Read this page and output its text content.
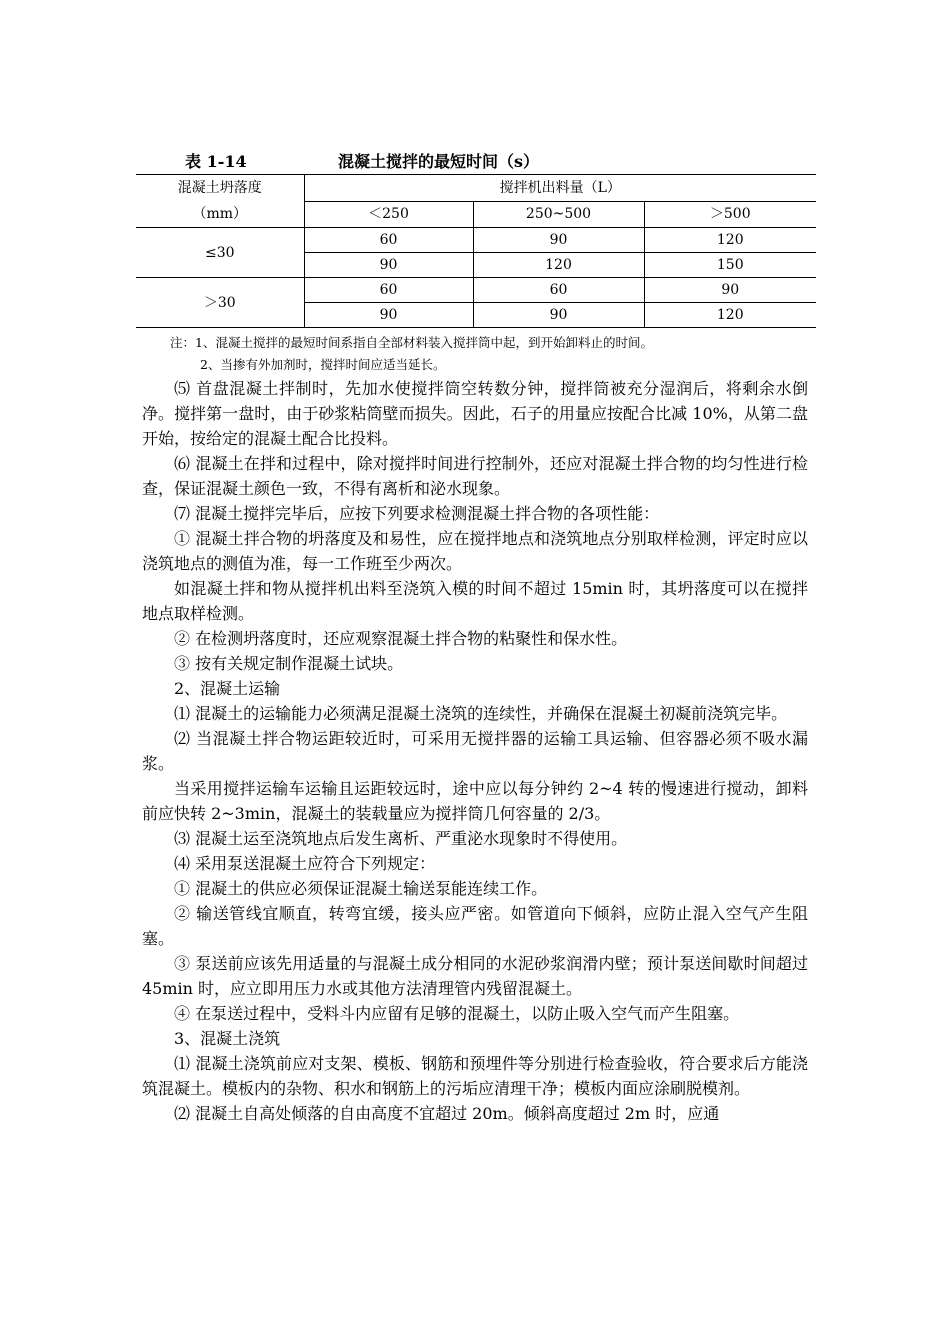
表 1-14	混凝土搅拌的最短时间（s）
混凝土坍落度
（mm）	搅拌机出料量（L）		
	＜250	250~500	＞500
≤30	60	90	120
	90	120	150
＞30	60	60	90
	90	90	120
注：1、混凝土搅拌的最短时间系指自全部材料装入搅拌筒中起，到开始卸料止的时间。
2、当掺有外加剂时，搅拌时间应适当延长。

⑸ 首盘混凝土拌制时，先加水使搅拌筒空转数分钟，搅拌筒被充分湿润后，将剩余水倒净。搅拌第一盘时，由于砂浆粘筒壁而损失。因此，石子的用量应按配合比减 10%，从第二盘开始，按给定的混凝土配合比投料。

⑹ 混凝土在拌和过程中，除对搅拌时间进行控制外，还应对混凝土拌合物的均匀性进行检查，保证混凝土颜色一致，不得有离析和泌水现象。

⑺ 混凝土搅拌完毕后，应按下列要求检测混凝土拌合物的各项性能：

① 混凝土拌合物的坍落度及和易性，应在搅拌地点和浇筑地点分别取样检测，评定时应以浇筑地点的测值为准，每一工作班至少两次。

如混凝土拌和物从搅拌机出料至浇筑入模的时间不超过 15min 时，其坍落度可以在搅拌地点取样检测。

② 在检测坍落度时，还应观察混凝土拌合物的粘聚性和保水性。

③ 按有关规定制作混凝土试块。

2、混凝土运输

⑴ 混凝土的运输能力必须满足混凝土浇筑的连续性，并确保在混凝土初凝前浇筑完毕。

⑵ 当混凝土拌合物运距较近时，可采用无搅拌器的运输工具运输、但容器必须不吸水漏浆。

当采用搅拌运输车运输且运距较远时，途中应以每分钟约 2~4 转的慢速进行搅动，卸料前应快转 2~3min，混凝土的装载量应为搅拌筒几何容量的 2/3。

⑶ 混凝土运至浇筑地点后发生离析、严重泌水现象时不得使用。

⑷ 采用泵送混凝土应符合下列规定：

① 混凝土的供应必须保证混凝土输送泵能连续工作。

② 输送管线宜顺直，转弯宜缓，接头应严密。如管道向下倾斜，应防止混入空气产生阻塞。

③ 泵送前应该先用适量的与混凝土成分相同的水泥砂浆润滑内壁；预计泵送间歇时间超过 45min 时，应立即用压力水或其他方法清理管内残留混凝土。

④ 在泵送过程中，受料斗内应留有足够的混凝土，以防止吸入空气而产生阻塞。

3、混凝土浇筑

⑴ 混凝土浇筑前应对支架、模板、钢筋和预埋件等分别进行检查验收，符合要求后方能浇筑混凝土。模板内的杂物、积水和钢筋上的污垢应清理干净；模板内面应涂刷脱模剂。

⑵ 混凝土自高处倾落的自由高度不宜超过 20m。倾斜高度超过 2m 时，应通
